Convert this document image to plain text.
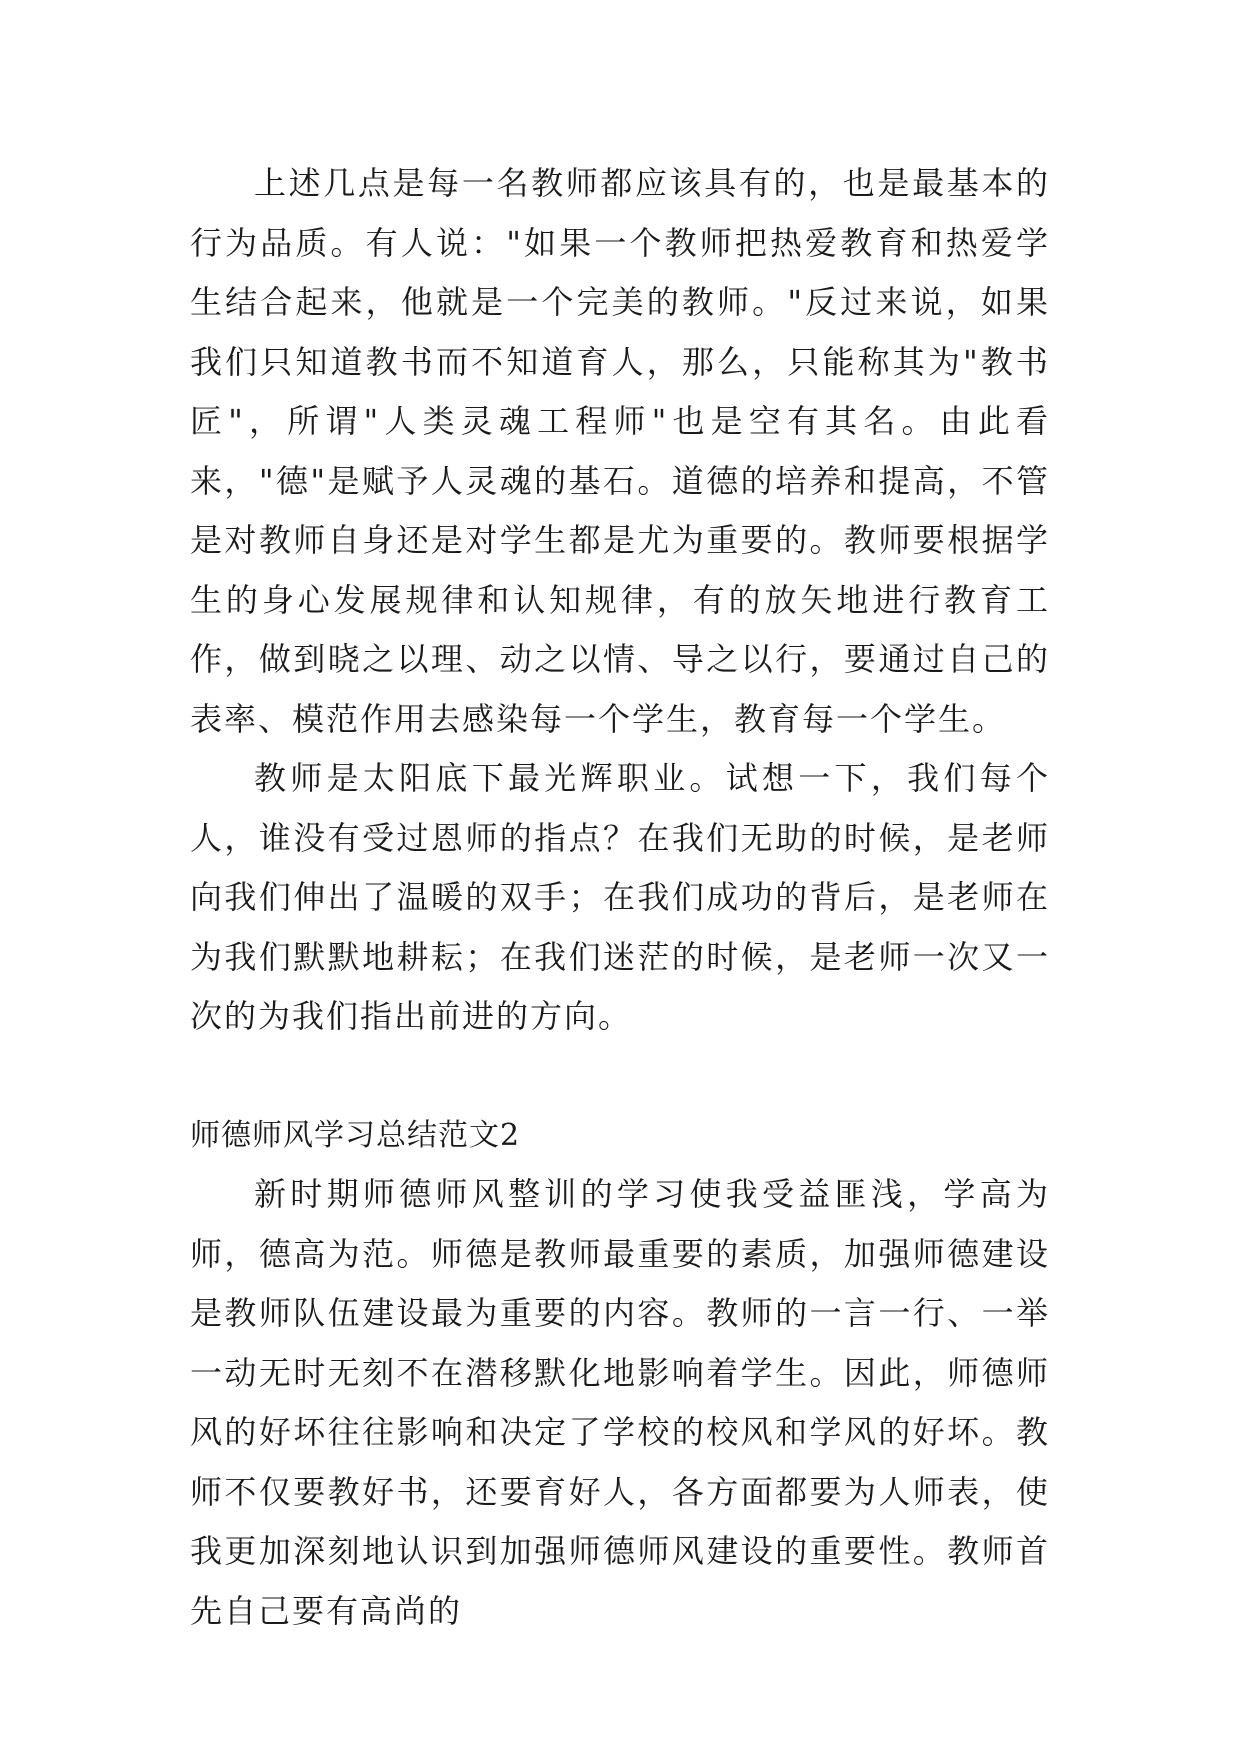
上述几点是每一名教师都应该具有的，也是最基本的行为品质。有人说："如果一个教师把热爱教育和热爱学生结合起来，他就是一个完美的教师。"反过来说，如果我们只知道教书而不知道育人，那么，只能称其为"教书匠"，所谓"人类灵魂工程师"也是空有其名。由此看来，"德"是赋予人灵魂的基石。道德的培养和提高，不管是对教师自身还是对学生都是尤为重要的。教师要根据学生的身心发展规律和认知规律，有的放矢地进行教育工作，做到晓之以理、动之以情、导之以行，要通过自己的表率、模范作用去感染每一个学生，教育每一个学生。

教师是太阳底下最光辉职业。试想一下，我们每个人，谁没有受过恩师的指点？在我们无助的时候，是老师向我们伸出了温暖的双手；在我们成功的背后，是老师在为我们默默地耕耘；在我们迷茫的时候，是老师一次又一次的为我们指出前进的方向。

师德师风学习总结范文2

新时期师德师风整训的学习使我受益匪浅，学高为师，德高为范。师德是教师最重要的素质，加强师德建设是教师队伍建设最为重要的内容。教师的一言一行、一举一动无时无刻不在潜移默化地影响着学生。因此，师德师风的好坏往往影响和决定了学校的校风和学风的好坏。教师不仅要教好书，还要育好人，各方面都要为人师表，使我更加深刻地认识到加强师德师风建设的重要性。教师首先自己要有高尚的
